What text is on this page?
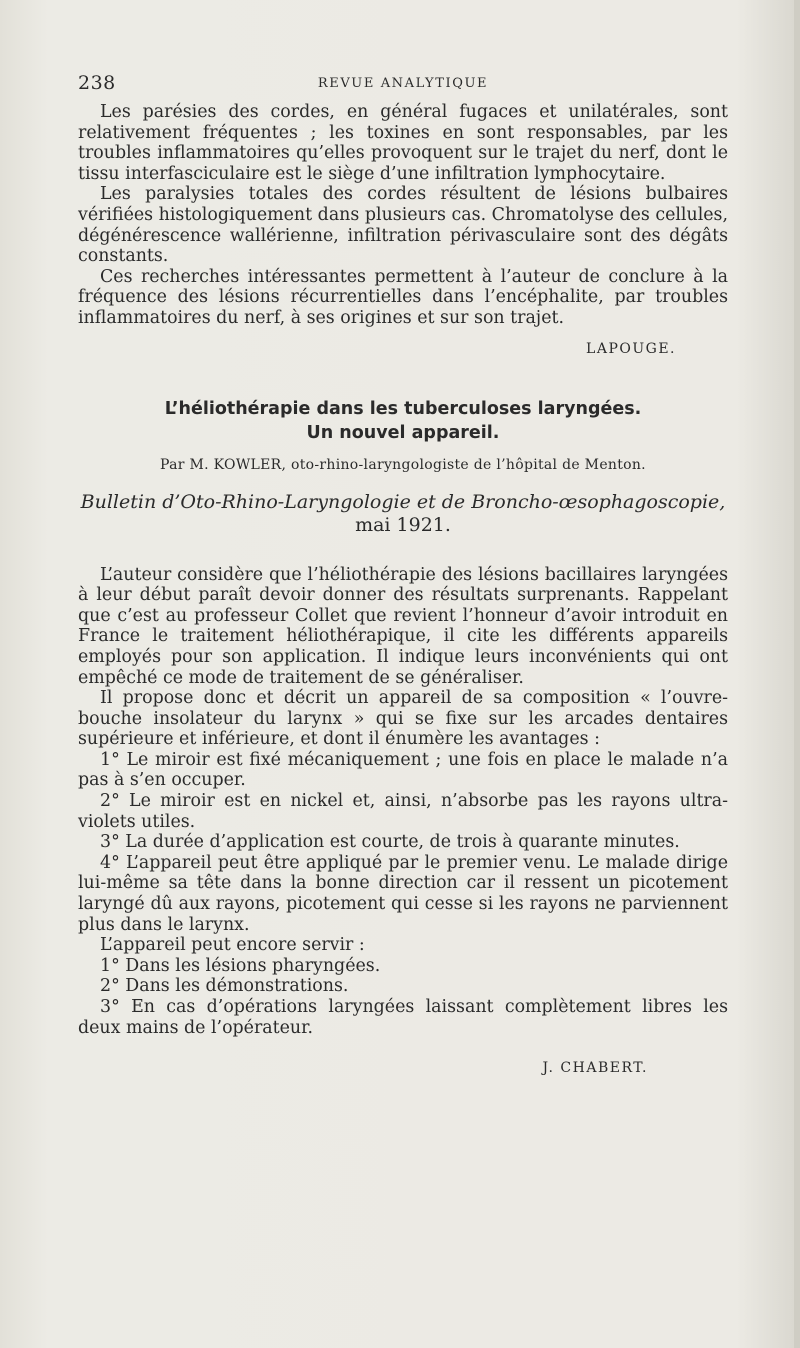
238	REVUE ANALYTIQUE

Les parésies des cordes, en général fugaces et unilatérales, sont relativement fréquentes ; les toxines en sont responsables, par les troubles inflammatoires qu’elles provoquent sur le trajet du nerf, dont le tissu interfasciculaire est le siège d’une infiltration lymphocytaire.

Les paralysies totales des cordes résultent de lésions bulbaires vérifiées histologiquement dans plusieurs cas. Chromatolyse des cellules, dégénérescence wallérienne, infiltration périvasculaire sont des dégâts constants.

Ces recherches intéressantes permettent à l’auteur de conclure à la fréquence des lésions récurrentielles dans l’encéphalite, par troubles inflammatoires du nerf, à ses origines et sur son trajet.

LAPOUGE.
L’héliothérapie dans les tuberculoses laryngées.
Un nouvel appareil.
Par M. KOWLER, oto-rhino-laryngologiste de l’hôpital de Menton.
Bulletin d’Oto-Rhino-Laryngologie et de Broncho-œsophagoscopie,
mai 1921.

L’auteur considère que l’héliothérapie des lésions bacillaires laryngées à leur début paraît devoir donner des résultats surprenants. Rappelant que c’est au professeur Collet que revient l’honneur d’avoir introduit en France le traitement héliothérapique, il cite les différents appareils employés pour son application. Il indique leurs inconvénients qui ont empêché ce mode de traitement de se généraliser.

Il propose donc et décrit un appareil de sa composition « l’ouvre-bouche insolateur du larynx » qui se fixe sur les arcades dentaires supérieure et inférieure, et dont il énumère les avantages :

1° Le miroir est fixé mécaniquement ; une fois en place le malade n’a pas à s’en occuper.

2° Le miroir est en nickel et, ainsi, n’absorbe pas les rayons ultra-violets utiles.

3° La durée d’application est courte, de trois à quarante minutes.

4° L’appareil peut être appliqué par le premier venu. Le malade dirige lui-même sa tête dans la bonne direction car il ressent un picotement laryngé dû aux rayons, picotement qui cesse si les rayons ne parviennent plus dans le larynx.

L’appareil peut encore servir :

1° Dans les lésions pharyngées.

2° Dans les démonstrations.

3° En cas d’opérations laryngées laissant complètement libres les deux mains de l’opérateur.

J. CHABERT.
